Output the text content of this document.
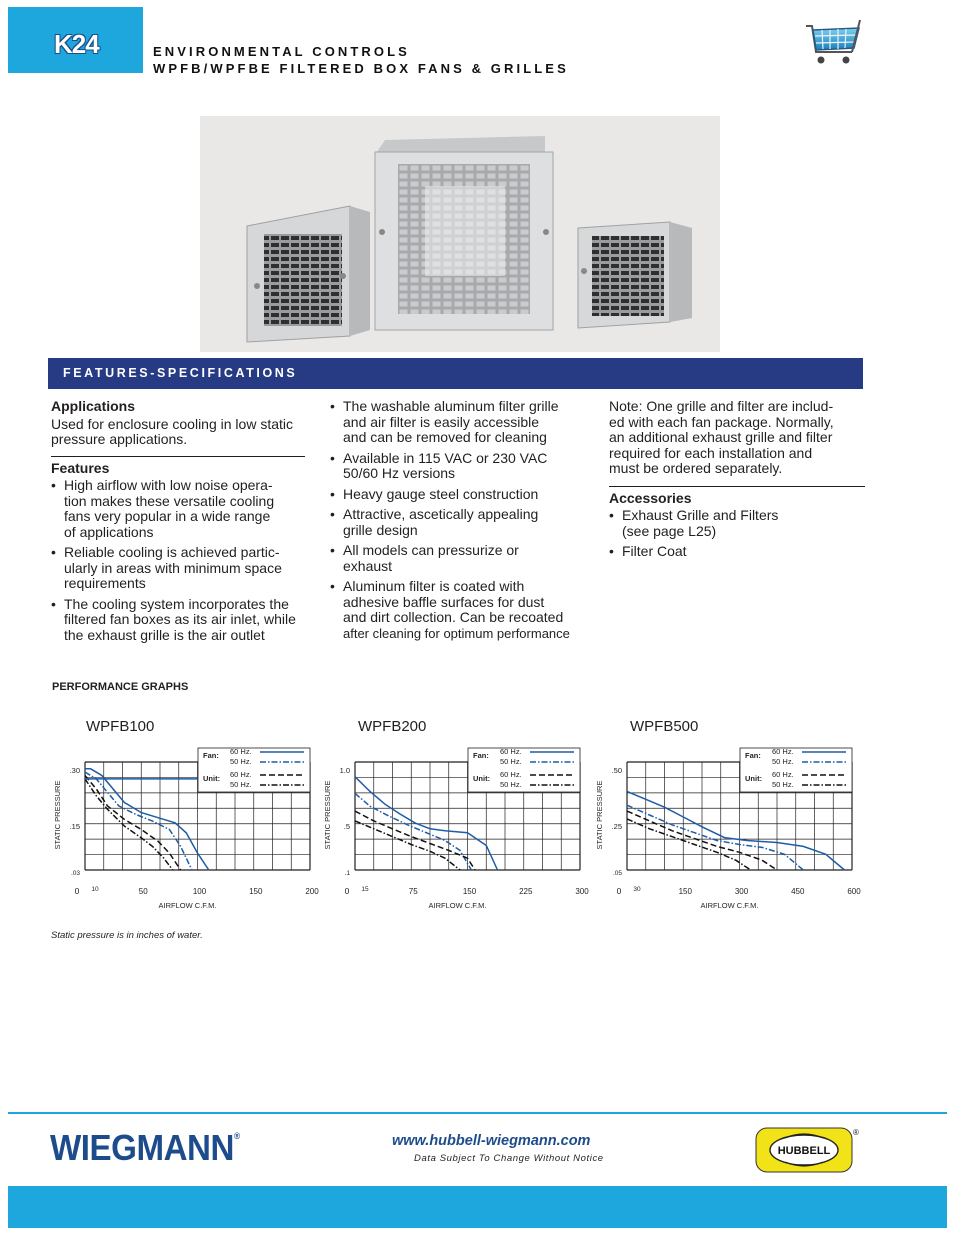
K24	ENVIRONMENTAL CONTROLS
WPFB/WPFBE FILTERED BOX FANS & GRILLES
FEATURES-SPECIFICATIONS
Applications

Used for enclosure cooling in low static pressure applications.

Features
• High airflow with low noise opera-
tion makes these versatile cooling
fans very popular in a wide range
of applications
• Reliable cooling is achieved partic-
ularly in areas with minimum space
requirements
• The cooling system incorporates the
filtered fan boxes as its air inlet, while
the exhaust grille is the air outlet
• The washable aluminum filter grille
and air filter is easily accessible
and can be removed for cleaning
• Available in 115 VAC or 230 VAC
50/60 Hz versions
• Heavy gauge steel construction
• Attractive, ascetically appealing
grille design
• All models can pressurize or
exhaust
• Aluminum filter is coated with
adhesive baffle surfaces for dust
and dirt collection. Can be recoated
after cleaning for optimum performance

Note: One grille and filter are includ-
ed with each fan package. Normally,
an additional exhaust grille and filter
required for each installation and
must be ordered separately.

Accessories
• Exhaust Grille and Filters
(see page L25)
• Filter Coat
PERFORMANCE GRAPHS
WPFB100
Fan:
Unit:
60 Hz.
50 Hz.
60 Hz.
50 Hz.
0 10	50	100	150	200
.30
.15
.03
AIRFLOW C.F.M.
STATIC PRESSURE
WPFB200
Fan:
Unit:
60 Hz.
50 Hz.
60 Hz.
50 Hz.
0 15	75	150	225	300
1.0
.5
.1
AIRFLOW C.F.M.
STATIC PRESSURE
WPFB500
Fan:
Unit:
60 Hz.
50 Hz.
60 Hz.
50 Hz.
0 30	150	300	450	600
.50
.25
.05
AIRFLOW C.F.M.
STATIC PRESSURE
Static pressure is in inches of water.
WIEGMANN®	www.hubbell-wiegmann.com
Data Subject To Change Without Notice
HUBBELL
®
